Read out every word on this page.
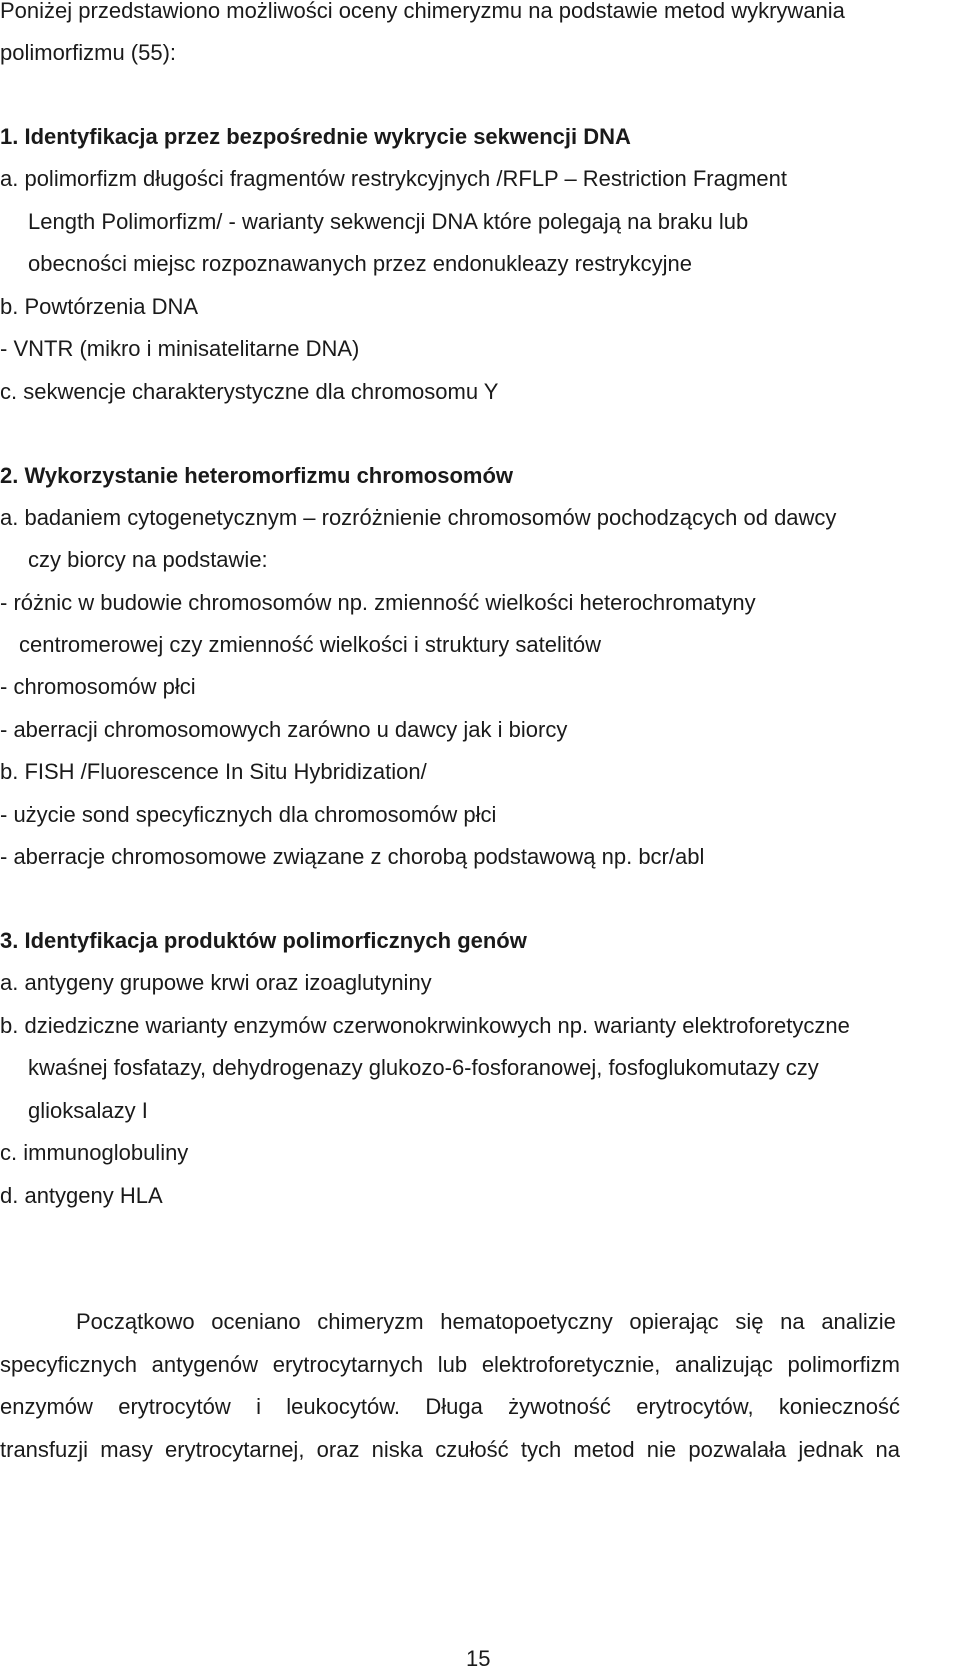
Poniżej przedstawiono możliwości oceny chimeryzmu na podstawie metod wykrywania

polimorfizmu (55):

1. Identyfikacja przez bezpośrednie wykrycie sekwencji DNA

a. polimorfizm długości fragmentów restrykcyjnych /RFLP – Restriction Fragment

Length Polimorfizm/ - warianty sekwencji DNA które polegają na braku lub

obecności miejsc rozpoznawanych przez endonukleazy restrykcyjne

b. Powtórzenia DNA

- VNTR (mikro i minisatelitarne DNA)

c. sekwencje charakterystyczne dla chromosomu Y

2. Wykorzystanie heteromorfizmu chromosomów

a. badaniem cytogenetycznym – rozróżnienie chromosomów pochodzących od dawcy

czy biorcy na podstawie:

- różnic w budowie chromosomów np. zmienność wielkości heterochromatyny

centromerowej czy zmienność wielkości i struktury satelitów

- chromosomów płci

- aberracji chromosomowych zarówno u dawcy jak i biorcy

b. FISH /Fluorescence In Situ Hybridization/

- użycie sond specyficznych dla chromosomów płci

- aberracje chromosomowe związane z chorobą podstawową np. bcr/abl

3. Identyfikacja produktów polimorficznych genów

a. antygeny grupowe krwi oraz izoaglutyniny

b. dziedziczne warianty enzymów czerwonokrwinkowych np. warianty elektroforetyczne

kwaśnej fosfatazy, dehydrogenazy glukozo-6-fosforanowej, fosfoglukomutazy czy

glioksalazy I

c. immunoglobuliny

d. antygeny HLA

Początkowo oceniano chimeryzm hematopoetyczny opierając się na analizie
specyficznych antygenów erytrocytarnych lub elektroforetycznie, analizując polimorfizm
enzymów erytrocytów i leukocytów. Długa żywotność erytrocytów, konieczność
transfuzji masy erytrocytarnej, oraz niska czułość tych metod nie pozwalała jednak na
15
